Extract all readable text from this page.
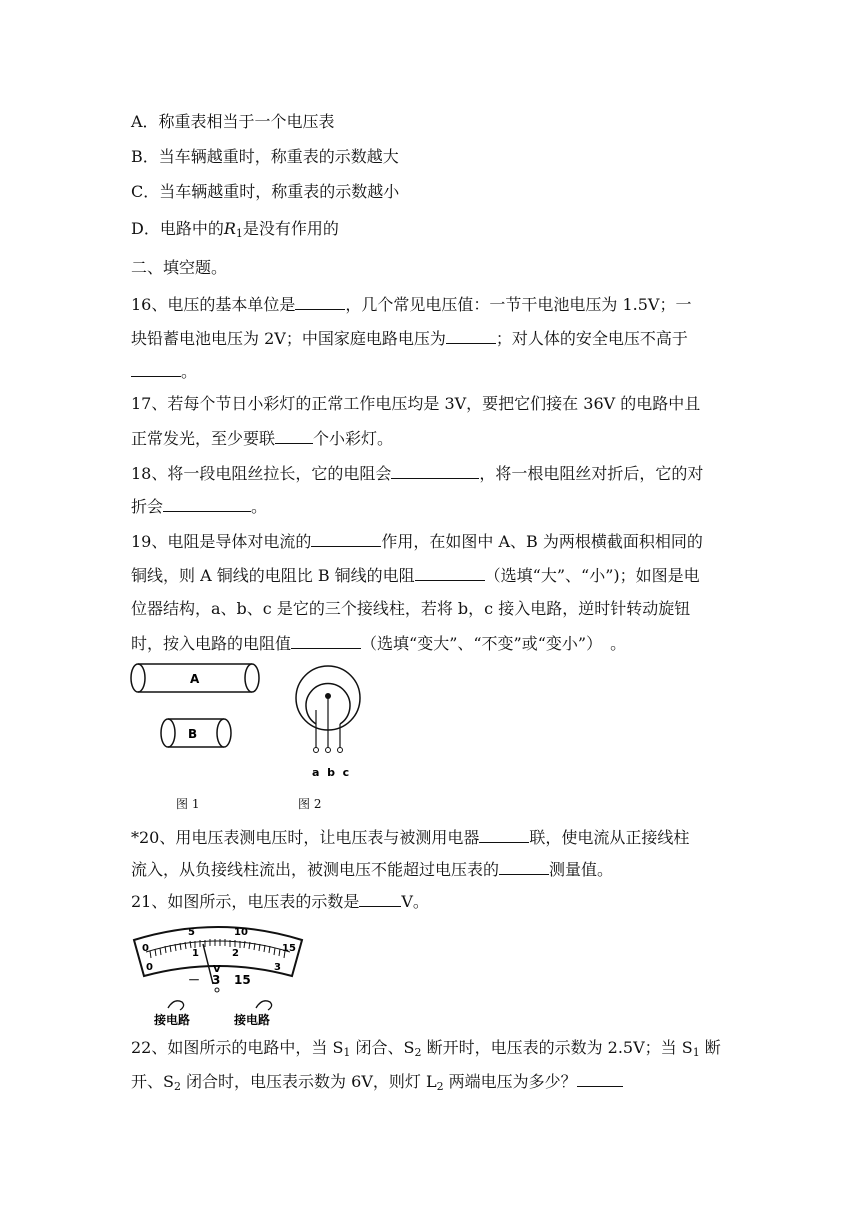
A．称重表相当于一个电压表
B．当车辆越重时，称重表的示数越大
C．当车辆越重时，称重表的示数越小
D．电路中的$R_1$是没有作用的
二、填空题。
16、电压的基本单位是	，几个常见电压值：一节干电池电压为 1.5V；一
块铅蓄电池电压为 2V；中国家庭电路电压为	；对人体的安全电压不高于
。
17、若每个节日小彩灯的正常工作电压均是 3V，要把它们接在 36V 的电路中且
正常发光，至少要联 个小彩灯。
18、将一段电阻丝拉长，它的电阻会	，将一根电阻丝对折后，它的对
折会	。
19、电阻是导体对电流的	作用，在如图中 A、B 为两根横截面积相同的
铜线，则 A 铜线的电阻比 B 铜线的电阻	（选填“大”、“小”)；如图是电
位器结构，a、b、c 是它的三个接线柱，若将 b，c 接入电路，逆时针转动旋钮
时，按入电路的电阻值	（选填“变大”、“不变”或“变小”）　。
A
B
图 1
a  b  c
图 2
*20、用电压表测电压时，让电压表与被测用电器	联，使电流从正接线柱
流入，从负接线柱流出，被测电压不能超过电压表的	测量值。
21、如图所示，电压表的示数是	V。
0
5	10
15
0
1	2
3
V
－ 3 15
接电路	接电路
22、如图所示的电路中，当 $S_1$ 闭合、$S_2$ 断开时，电压表的示数为 2.5V；当 $S_1$ 断
开、$S_2$ 闭合时，电压表示数为 6V，则灯 $L_2$ 两端电压为多少？
